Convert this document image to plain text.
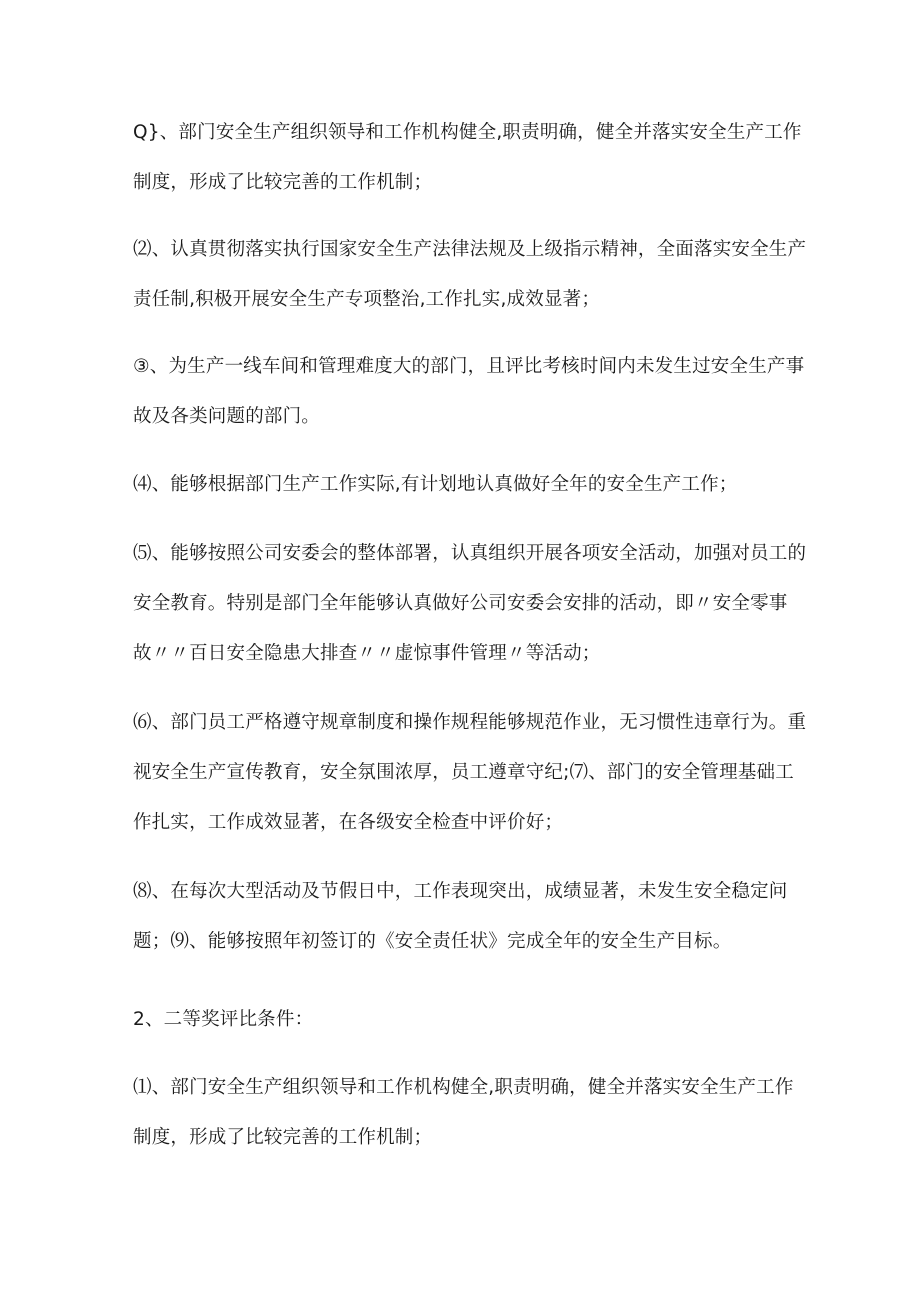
Q}、部门安全生产组织领导和工作机构健全,职责明确，健全并落实安全生产工作
制度，形成了比较完善的工作机制；

⑵、认真贯彻落实执行国家安全生产法律法规及上级指示精神，全面落实安全生产
责任制,积极开展安全生产专项整治,工作扎实,成效显著；

③、为生产一线车间和管理难度大的部门，且评比考核时间内未发生过安全生产事
故及各类问题的部门。

⑷、能够根据部门生产工作实际,有计划地认真做好全年的安全生产工作；

⑸、能够按照公司安委会的整体部署，认真组织开展各项安全活动，加强对员工的
安全教育。特别是部门全年能够认真做好公司安委会安排的活动，即〃安全零事
故〃〃百日安全隐患大排查〃〃虚惊事件管理〃等活动；

⑹、部门员工严格遵守规章制度和操作规程能够规范作业，无习惯性违章行为。重
视安全生产宣传教育，安全氛围浓厚，员工遵章守纪;⑺、部门的安全管理基础工
作扎实，工作成效显著，在各级安全检查中评价好；

⑻、在每次大型活动及节假日中，工作表现突出，成绩显著，未发生安全稳定问
题；⑼、能够按照年初签订的《安全责任状》完成全年的安全生产目标。

2、二等奖评比条件：

⑴、部门安全生产组织领导和工作机构健全,职责明确，健全并落实安全生产工作
制度，形成了比较完善的工作机制；
